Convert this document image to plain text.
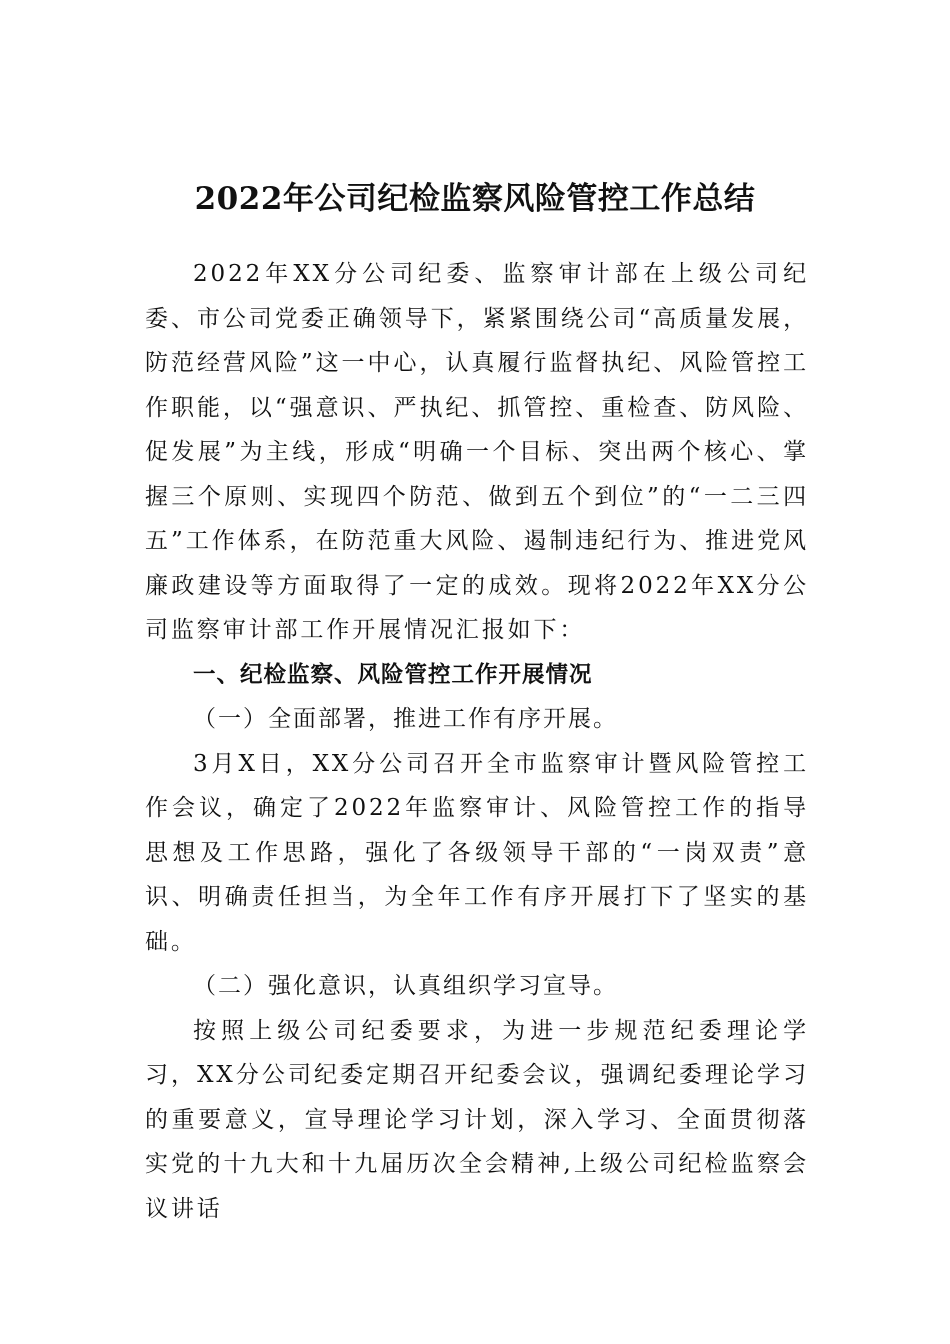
2022年公司纪检监察风险管控工作总结

2022年XX分公司纪委、监察审计部在上级公司纪委、市公司党委正确领导下，紧紧围绕公司“高质量发展，防范经营风险”这一中心，认真履行监督执纪、风险管控工作职能，以“强意识、严执纪、抓管控、重检查、防风险、促发展”为主线，形成“明确一个目标、突出两个核心、掌握三个原则、实现四个防范、做到五个到位”的“一二三四五”工作体系，在防范重大风险、遏制违纪行为、推进党风廉政建设等方面取得了一定的成效。现将2022年XX分公司监察审计部工作开展情况汇报如下：

一、纪检监察、风险管控工作开展情况

（一）全面部署，推进工作有序开展。

3月X日，XX分公司召开全市监察审计暨风险管控工作会议，确定了2022年监察审计、风险管控工作的指导思想及工作思路，强化了各级领导干部的“一岗双责”意识、明确责任担当，为全年工作有序开展打下了坚实的基础。

（二）强化意识，认真组织学习宣导。

按照上级公司纪委要求，为进一步规范纪委理论学习，XX分公司纪委定期召开纪委会议，强调纪委理论学习的重要意义，宣导理论学习计划，深入学习、全面贯彻落实党的十九大和十九届历次全会精神,上级公司纪检监察会议讲话
